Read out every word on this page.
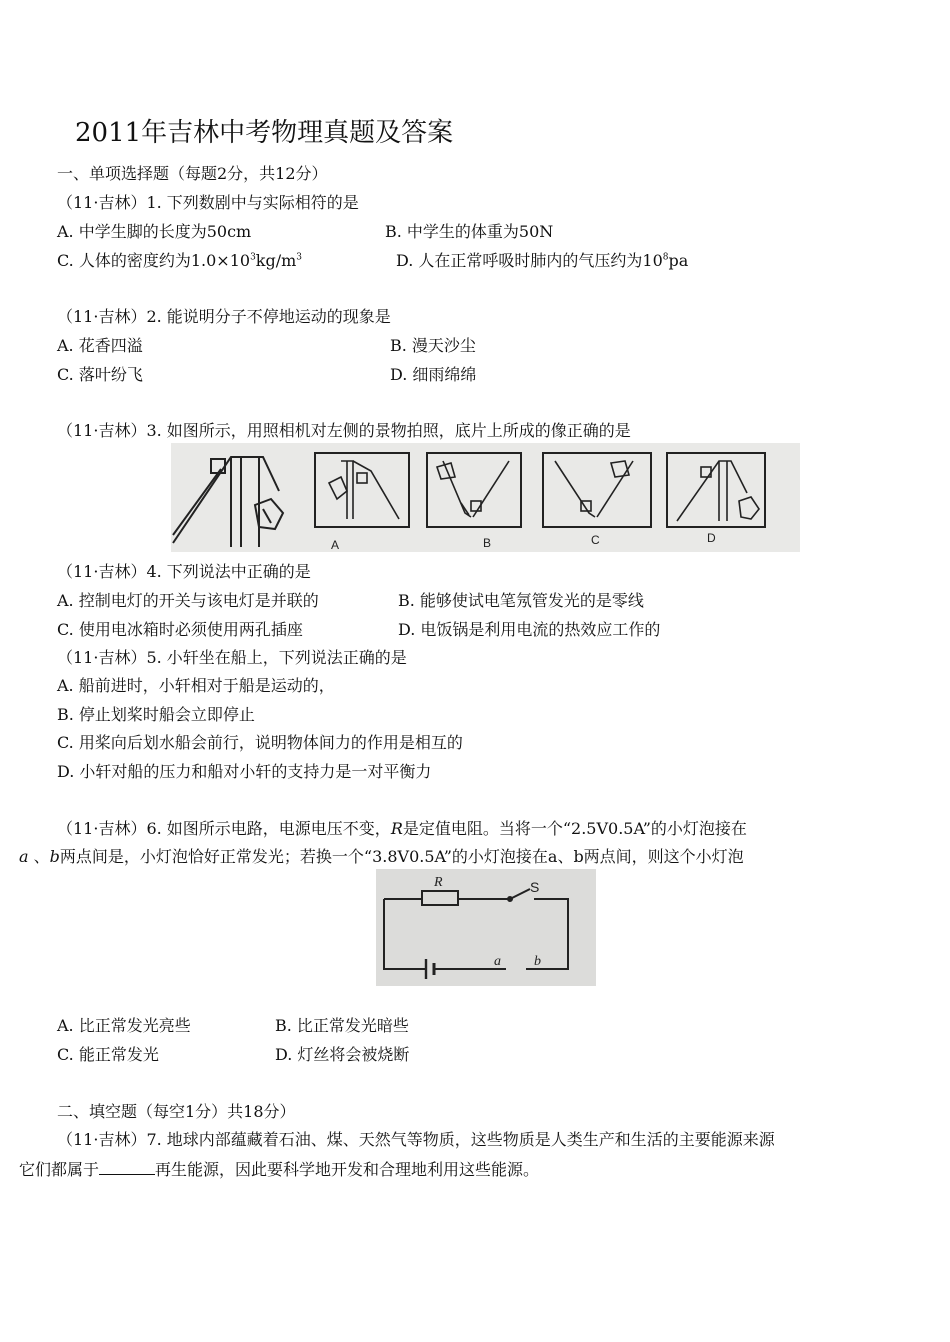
2011年吉林中考物理真题及答案
一、单项选择题（每题2分，共12分）
（11·吉林）1. 下列数剧中与实际相符的是
A. 中学生脚的长度为50cm	B. 中学生的体重为50N
C. 人体的密度约为$1.0\times 10^3kg/m^3$	D. 人在正常呼吸时肺内的气压约为$10^8pa$
（11·吉林）2. 能说明分子不停地运动的现象是
A. 花香四溢	B. 漫天沙尘
C. 落叶纷飞	D. 细雨绵绵
（11·吉林）3. 如图所示，用照相机对左侧的景物拍照，底片上所成的像正确的是
A	B	C	D
（11·吉林）4. 下列说法中正确的是
A. 控制电灯的开关与该电灯是并联的	B. 能够使试电笔氖管发光的是零线
C. 使用电冰箱时必须使用两孔插座	D. 电饭锅是利用电流的热效应工作的
（11·吉林）5. 小轩坐在船上，下列说法正确的是
A. 船前进时，小轩相对于船是运动的，
B. 停止划桨时船会立即停止
C. 用桨向后划水船会前行，说明物体间力的作用是相互的
D. 小轩对船的压力和船对小轩的支持力是一对平衡力
（11·吉林）6. 如图所示电路，电源电压不变，R是定值电阻。当将一个“2.5V0.5A”的小灯泡接在
a 、b两点间是，小灯泡恰好正常发光；若换一个“3.8V0.5A”的小灯泡接在a、b两点间，则这个小灯泡
R	S
a b
A. 比正常发光亮些	B. 比正常发光暗些
C. 能正常发光	D. 灯丝将会被烧断
二、填空题（每空1分）共18分）
（11·吉林）7. 地球内部蕴藏着石油、煤、天然气等物质，这些物质是人类生产和生活的主要能源来源
它们都属于	再生能源，因此要科学地开发和合理地利用这些能源。
